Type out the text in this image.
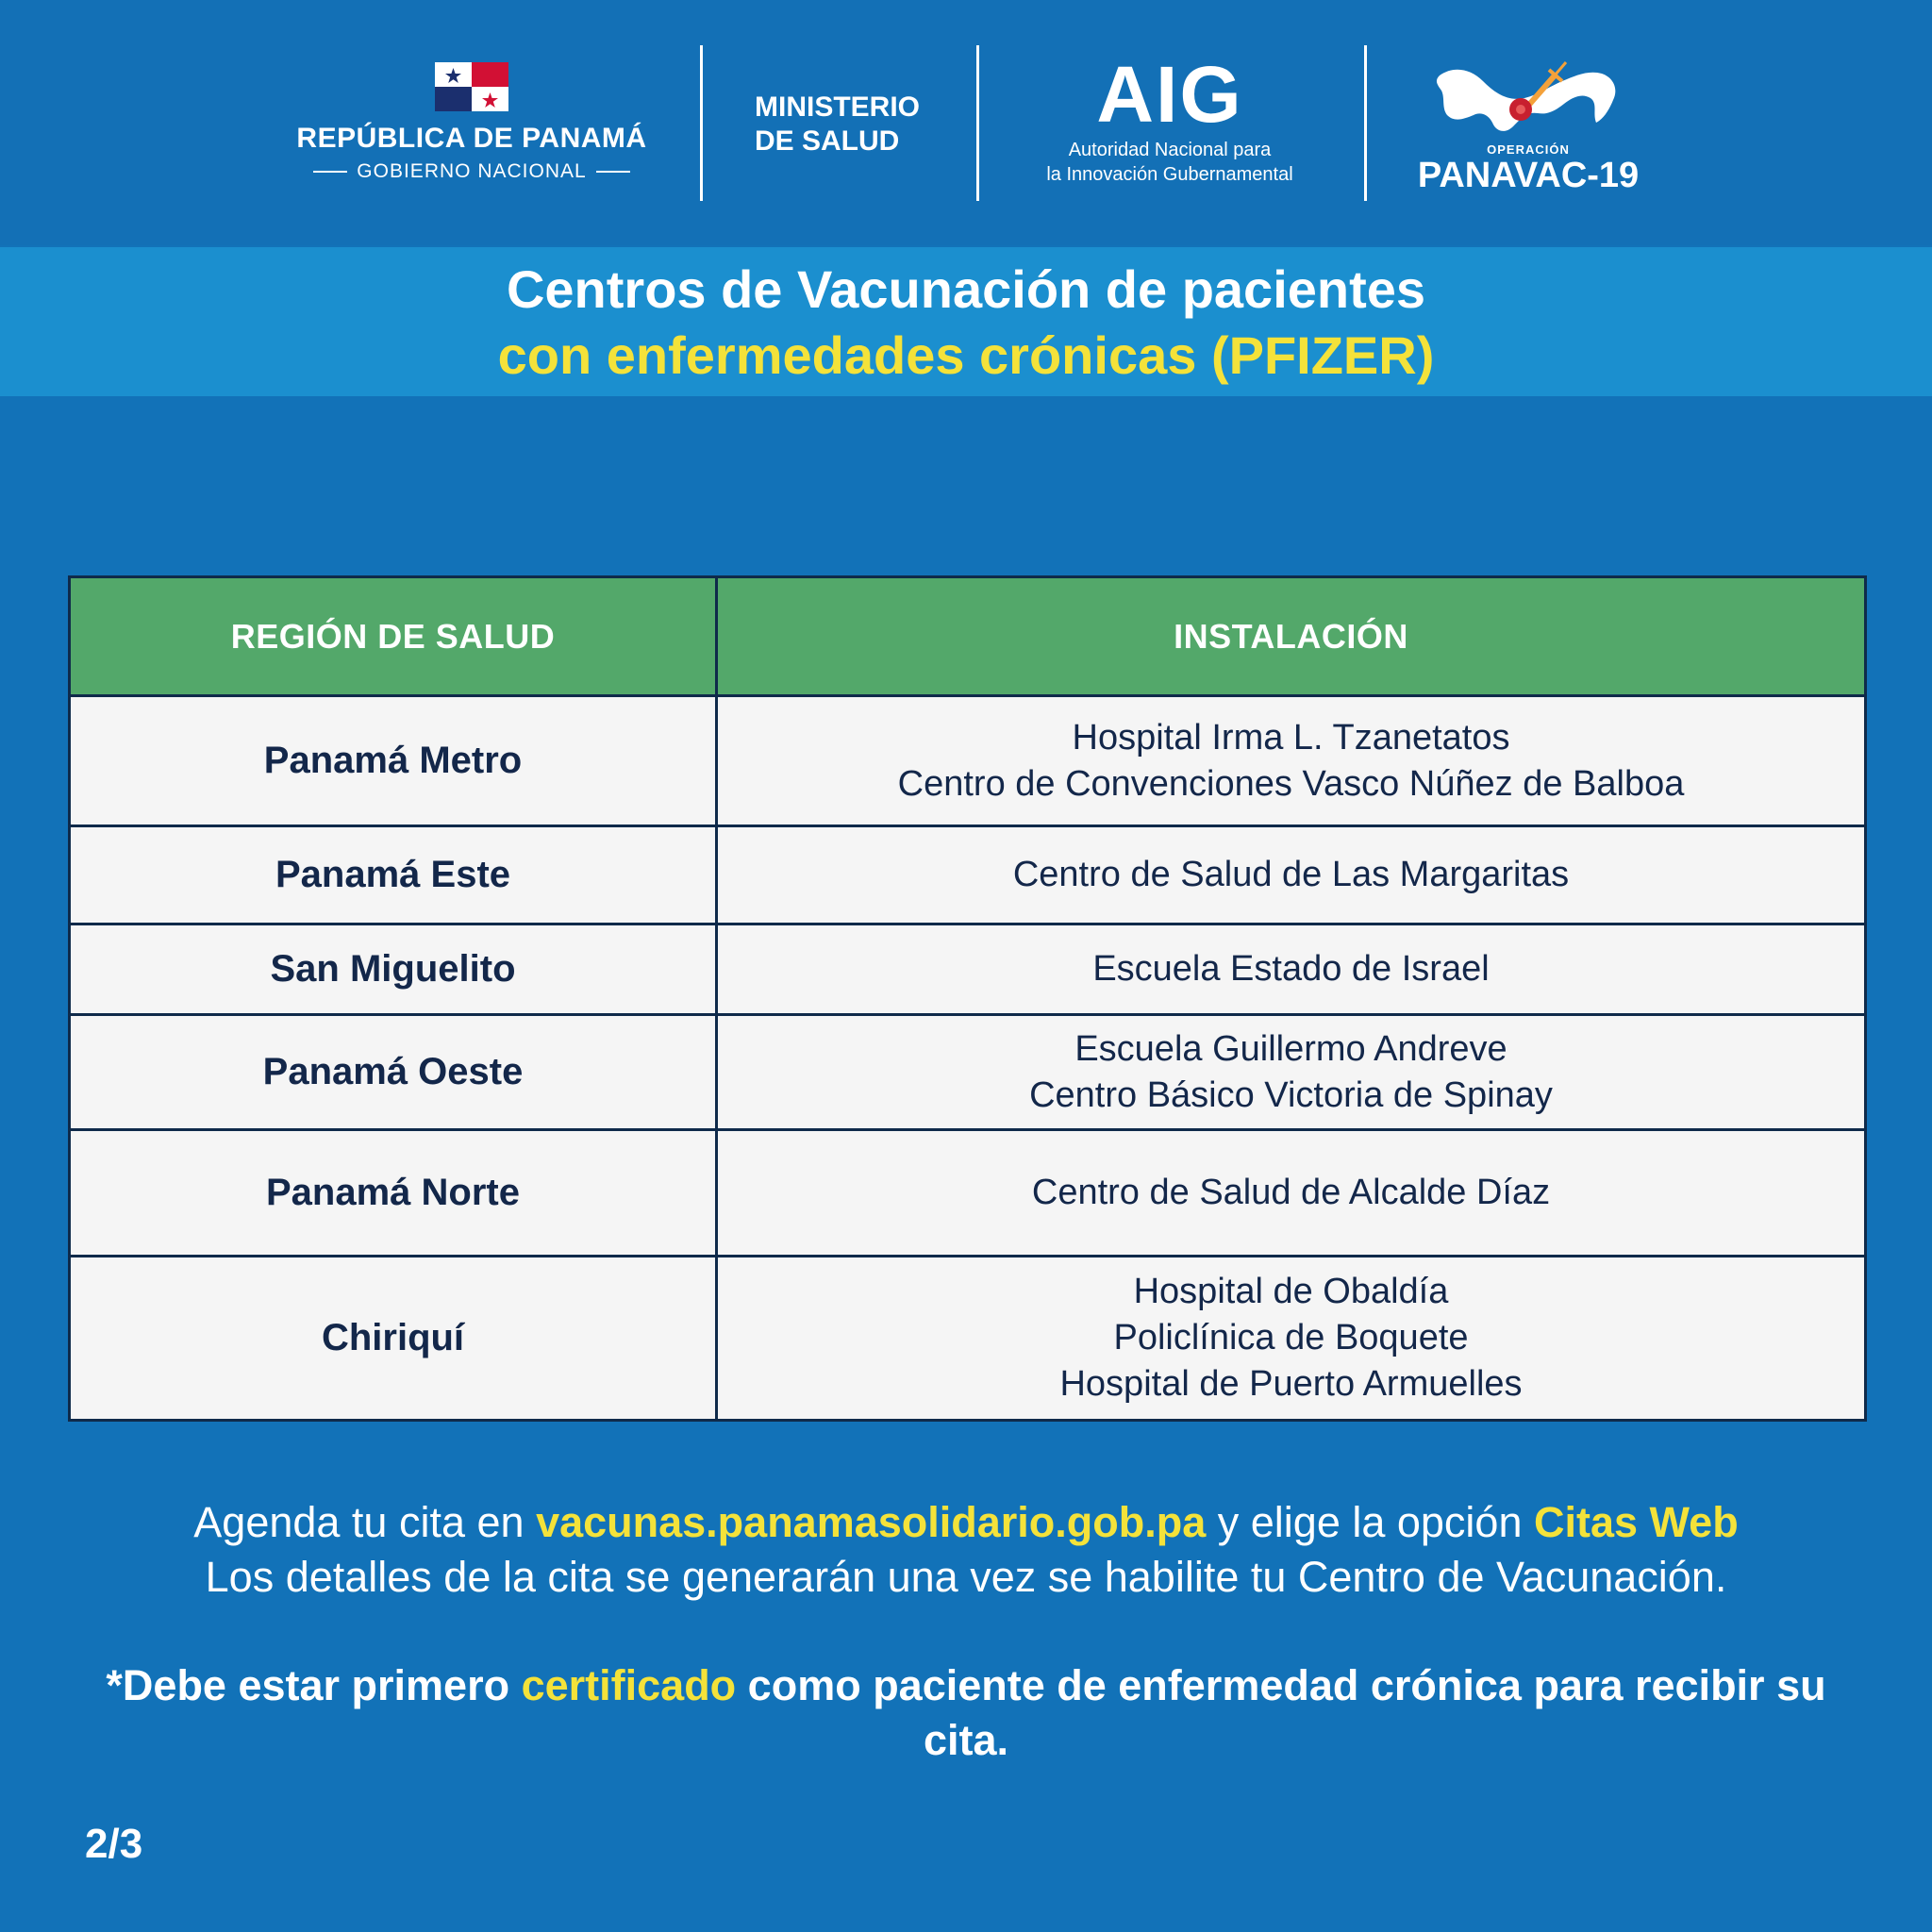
REPÚBLICA DE PANAMÁ
GOBIERNO NACIONAL
MINISTERIO
DE SALUD
AIG
Autoridad Nacional para
la Innovación Gubernamental
OPERACIÓN
PANAVAC-19
Centros de Vacunación de pacientes
con enfermedades crónicas (PFIZER)
REGIÓN DE SALUD	INSTALACIÓN
Panamá Metro	Hospital Irma L. Tzanetatos
Centro de Convenciones Vasco Núñez de Balboa

Panamá Este	Centro de Salud de Las Margaritas

San Miguelito	Escuela Estado de Israel

Panamá Oeste	Escuela Guillermo Andreve
Centro Básico Victoria de Spinay

Panamá Norte	Centro de Salud de Alcalde Díaz

Chiriquí	Hospital de Obaldía
Policlínica de Boquete
Hospital de Puerto Armuelles
Agenda tu cita en vacunas.panamasolidario.gob.pa y elige la opción Citas Web
Los detalles de la cita se generarán una vez se habilite tu Centro de Vacunación.
*Debe estar primero certificado como paciente de enfermedad crónica para recibir su cita.
2/3
